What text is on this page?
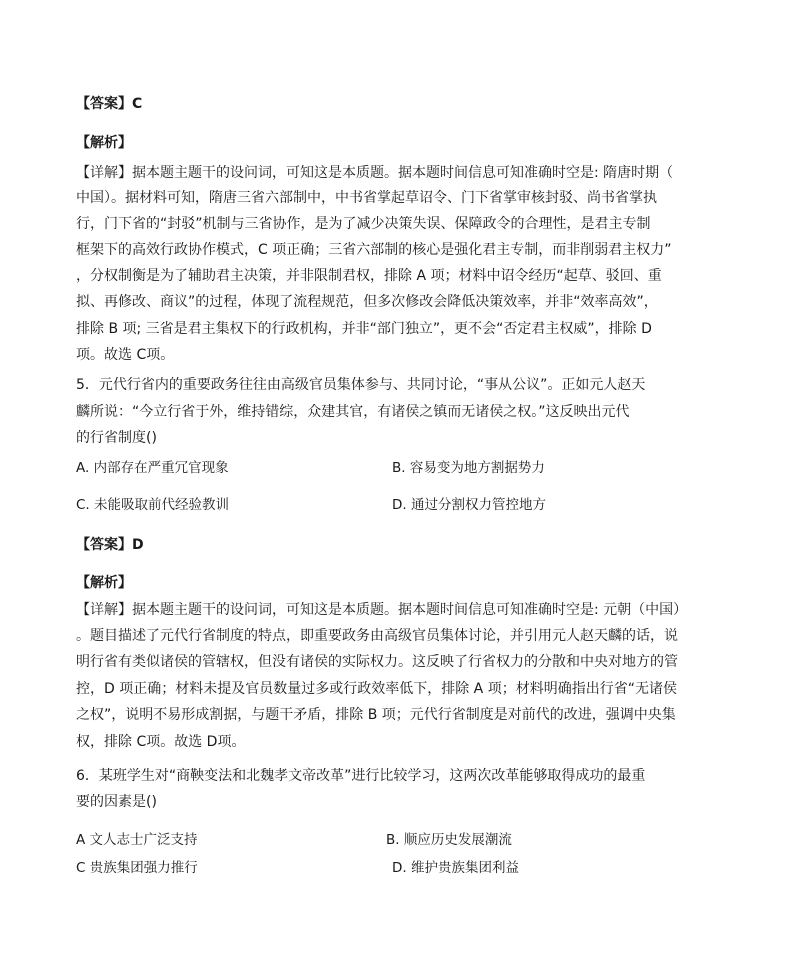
【答案】C
【解析】
【详解】据本题主题干的设问词，可知这是本质题。据本题时间信息可知准确时空是: 隋唐时期（
中国）。据材料可知，隋唐三省六部制中，中书省掌起草诏令、门下省掌审核封驳、尚书省掌执
行，门下省的“封驳”机制与三省协作，是为了减少决策失误、保障政令的合理性，是君主专制
框架下的高效行政协作模式，C 项正确；三省六部制的核心是强化君主专制，而非削弱君主权力”
，分权制衡是为了辅助君主决策，并非限制君权，排除 A 项；材料中诏令经历“起草、驳回、重
拟、再修改、商议”的过程，体现了流程规范，但多次修改会降低决策效率，并非“效率高效”，
排除 B 项; 三省是君主集权下的行政机构，并非“部门独立”，更不会“否定君主权威”，排除 D
项。故选 C项。
5．元代行省内的重要政务往往由高级官员集体参与、共同讨论，“事从公议”。正如元人赵天
麟所说：“今立行省于外，维持错综，众建其官，有诸侯之镇而无诸侯之权。”这反映出元代
的行省制度()
A. 内部存在严重冗官现象	B. 容易变为地方割据势力
C. 未能吸取前代经验教训	D. 通过分割权力管控地方
【答案】D
【解析】
【详解】据本题主题干的设问词，可知这是本质题。据本题时间信息可知准确时空是: 元朝（中国）
。题目描述了元代行省制度的特点，即重要政务由高级官员集体讨论，并引用元人赵天麟的话，说
明行省有类似诸侯的管辖权，但没有诸侯的实际权力。这反映了行省权力的分散和中央对地方的管
控，D 项正确；材料未提及官员数量过多或行政效率低下，排除 A 项；材料明确指出行省“无诸侯
之权”，说明不易形成割据，与题干矛盾，排除 B 项；元代行省制度是对前代的改进，强调中央集
权，排除 C项。故选 D项。
6．某班学生对“商鞅变法和北魏孝文帝改革”进行比较学习，这两次改革能够取得成功的最重
要的因素是()
A 文人志士广泛支持	B. 顺应历史发展潮流
C 贵族集团强力推行	D. 维护贵族集团利益
